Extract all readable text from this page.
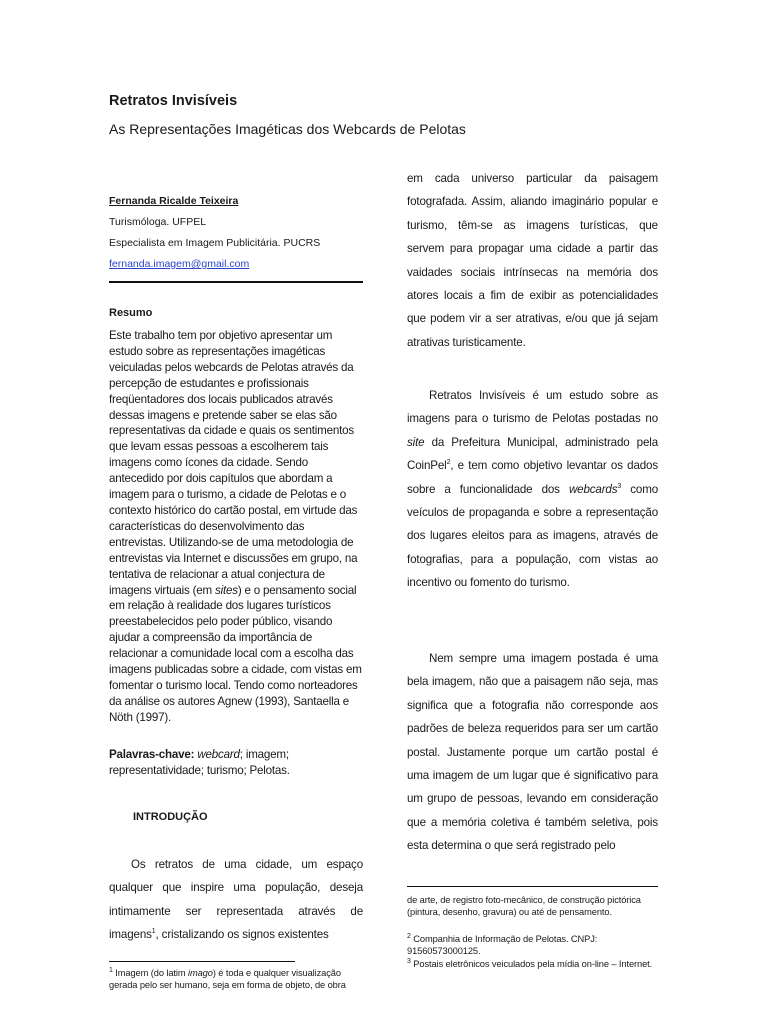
Retratos Invisíveis
As Representações Imagéticas dos Webcards de Pelotas
Fernanda Ricalde Teixeira
Turismóloga. UFPEL
Especialista em Imagem Publicitária. PUCRS
fernanda.imagem@gmail.com
Resumo
Este trabalho tem por objetivo apresentar um estudo sobre as representações imagéticas veiculadas pelos webcards de Pelotas através da percepção de estudantes e profissionais freqüentadores dos locais publicados através dessas imagens e pretende saber se elas são representativas da cidade e quais os sentimentos que levam essas pessoas a escolherem tais imagens como ícones da cidade. Sendo antecedido por dois capítulos que abordam a imagem para o turismo, a cidade de Pelotas e o contexto histórico do cartão postal, em virtude das características do desenvolvimento das entrevistas. Utilizando-se de uma metodologia de entrevistas via Internet e discussões em grupo, na tentativa de relacionar a atual conjectura de imagens virtuais (em sites) e o pensamento social em relação à realidade dos lugares turísticos preestabelecidos pelo poder público, visando ajudar a compreensão da importância de relacionar a comunidade local com a escolha das imagens publicadas sobre a cidade, com vistas em fomentar o turismo local. Tendo como norteadores da análise os autores Agnew (1993), Santaella e Nöth (1997).
Palavras-chave: webcard; imagem; representatividade; turismo; Pelotas.
INTRODUÇÃO
Os retratos de uma cidade, um espaço qualquer que inspire uma população, deseja intimamente ser representada através de imagens$^1$, cristalizando os signos existentes
$^1$ Imagem (do latim imago) é toda e qualquer visualização gerada pelo ser humano, seja em forma de objeto, de obra
em cada universo particular da paisagem fotografada. Assim, aliando imaginário popular e turismo, têm-se as imagens turísticas, que servem para propagar uma cidade a partir das vaidades sociais intrínsecas na memória dos atores locais a fim de exibir as potencialidades que podem vir a ser atrativas, e/ou que já sejam atrativas turisticamente.
Retratos Invisíveis é um estudo sobre as imagens para o turismo de Pelotas postadas no site da Prefeitura Municipal, administrado pela CoinPel$^2$, e tem como objetivo levantar os dados sobre a funcionalidade dos webcards$^3$ como veículos de propaganda e sobre a representação dos lugares eleitos para as imagens, através de fotografias, para a população, com vistas ao incentivo ou fomento do turismo.
Nem sempre uma imagem postada é uma bela imagem, não que a paisagem não seja, mas significa que a fotografia não corresponde aos padrões de beleza requeridos para ser um cartão postal. Justamente porque um cartão postal é uma imagem de um lugar que é significativo para um grupo de pessoas, levando em consideração que a memória coletiva é também seletiva, pois esta determina o que será registrado pelo
de arte, de registro foto-mecânico, de construção pictórica (pintura, desenho, gravura) ou até de pensamento.
$^2$ Companhia de Informação de Pelotas. CNPJ: 91560573000125.
$^3$ Postais eletrônicos veiculados pela mídia on-line – Internet.
